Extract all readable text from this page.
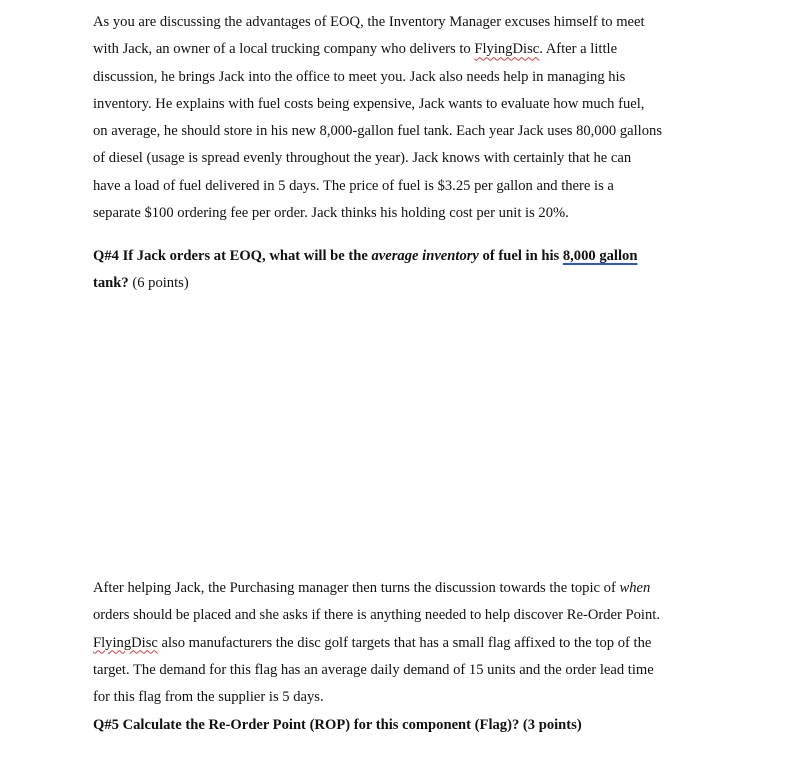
As you are discussing the advantages of EOQ, the Inventory Manager excuses himself to meet
with Jack, an owner of a local trucking company who delivers to FlyingDisc. After a little
discussion, he brings Jack into the office to meet you. Jack also needs help in managing his
inventory. He explains with fuel costs being expensive, Jack wants to evaluate how much fuel,
on average, he should store in his new 8,000-gallon fuel tank. Each year Jack uses 80,000 gallons
of diesel (usage is spread evenly throughout the year). Jack knows with certainly that he can
have a load of fuel delivered in 5 days. The price of fuel is $3.25 per gallon and there is a
separate $100 ordering fee per order. Jack thinks his holding cost per unit is 20%.
Q#4 If Jack orders at EOQ, what will be the average inventory of fuel in his 8,000 gallon
tank? (6 points)
After helping Jack, the Purchasing manager then turns the discussion towards the topic of when
orders should be placed and she asks if there is anything needed to help discover Re-Order Point.
FlyingDisc also manufacturers the disc golf targets that has a small flag affixed to the top of the
target. The demand for this flag has an average daily demand of 15 units and the order lead time
for this flag from the supplier is 5 days.
Q#5 Calculate the Re-Order Point (ROP) for this component (Flag)? (3 points)
